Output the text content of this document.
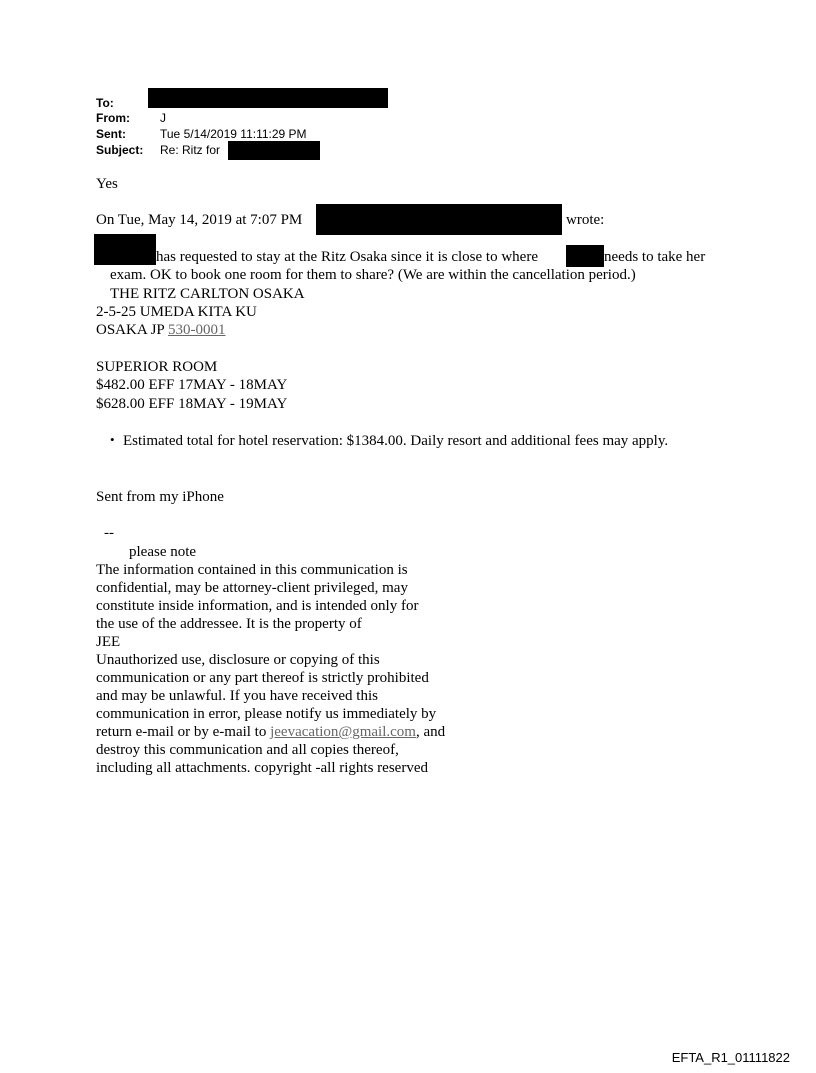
To:
From:	J
Sent:	Tue 5/14/2019 11:11:29 PM
Subject: Re: Ritz for
Yes
On Tue, May 14, 2019 at 7:07 PM	wrote:
has requested to stay at the Ritz Osaka since it is close to where	needs to take her
exam. OK to book one room for them to share? (We are within the cancellation period.)
THE RITZ CARLTON OSAKA
2-5-25 UMEDA KITA KU
OSAKA JP 530-0001
SUPERIOR ROOM
$482.00 EFF 17MAY - 18MAY
$628.00 EFF 18MAY - 19MAY
• Estimated total for hotel reservation: $1384.00. Daily resort and additional fees may apply.
Sent from my iPhone
--
please note
The information contained in this communication is
confidential, may be attorney-client privileged, may
constitute inside information, and is intended only for
the use of the addressee. It is the property of
JEE
Unauthorized use, disclosure or copying of this
communication or any part thereof is strictly prohibited
and may be unlawful. If you have received this
communication in error, please notify us immediately by
return e-mail or by e-mail to jeevacation@gmail.com, and
destroy this communication and all copies thereof,
including all attachments. copyright -all rights reserved
EFTA_R1_01111822
